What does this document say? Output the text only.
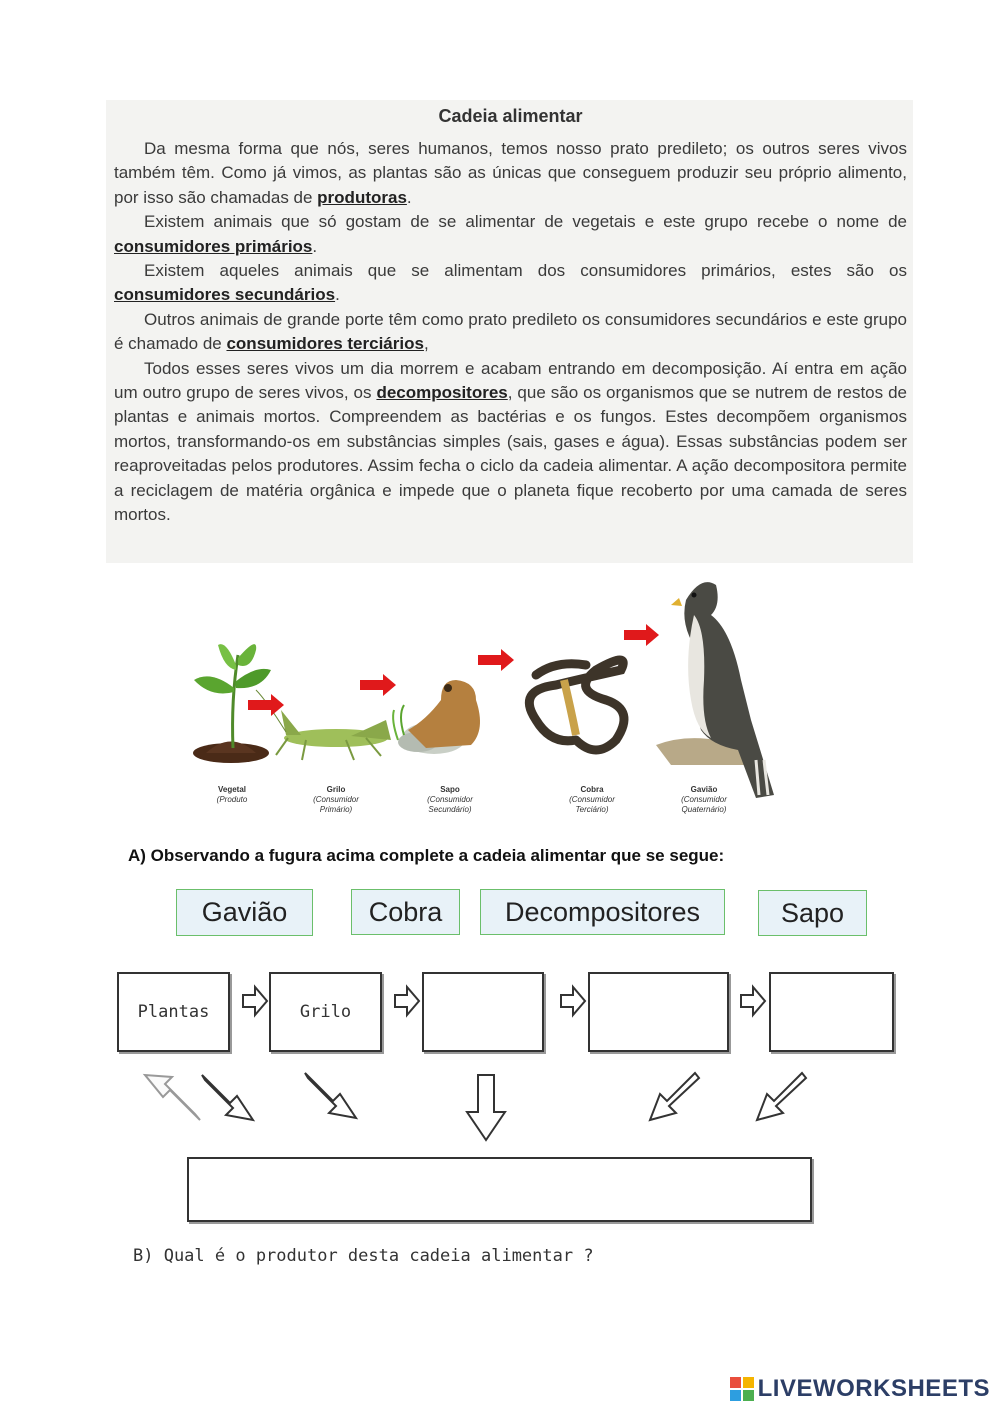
Cadeia alimentar

Da mesma forma que nós, seres humanos, temos nosso prato predileto; os outros seres vivos também têm. Como já vimos, as plantas são as únicas que conseguem produzir seu próprio alimento, por isso são chamadas de produtoras.

Existem animais que só gostam de se alimentar de vegetais e este grupo recebe o nome de consumidores primários.

Existem aqueles animais que se alimentam dos consumidores primários, estes são os consumidores secundários.

Outros animais de grande porte têm como prato predileto os consumidores secundários e este grupo é chamado de consumidores terciários,

Todos esses seres vivos um dia morrem e acabam entrando em decomposição. Aí entra em ação um outro grupo de seres vivos, os decompositores, que são os organismos que se nutrem de restos de plantas e animais mortos. Compreendem as bactérias e os fungos. Estes decompõem organismos mortos, transformando-os em substâncias simples (sais, gases e água). Essas substâncias podem ser reaproveitadas pelos produtores. Assim fecha o ciclo da cadeia alimentar. A ação decompositora permite a reciclagem de matéria orgânica e impede que o planeta fique recoberto por uma camada de seres mortos.

Vegetal
(Produto
Grilo
(Consumidor Primário)
Sapo
(Consumidor Secundário)
Cobra
(Consumidor Terciário)
Gavião
(Consumidor Quaternário)
A) Observando a fugura acima complete a cadeia alimentar que se segue:
Gavião	Cobra	Decompositores	Sapo
Plantas	Grilo
B) Qual é o produtor desta cadeia alimentar ?
LIVEWORKSHEETS
